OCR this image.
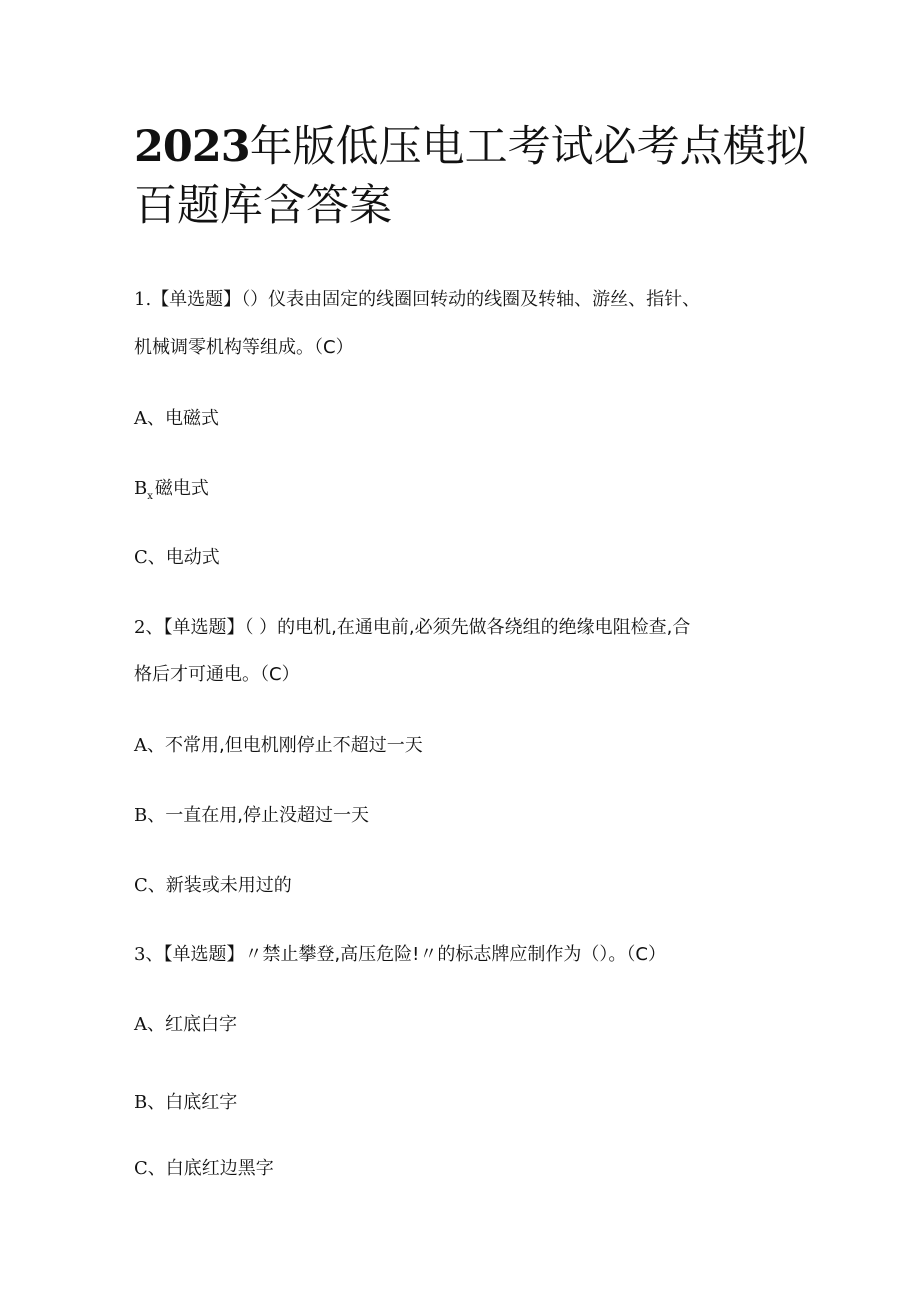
2023年版低压电工考试必考点模拟
百题库含答案

1.【单选题】（）仪表由固定的线圈回转动的线圈及转轴、游丝、指针、

机械调零机构等组成。（C）

A、电磁式

$B_x$ 磁电式

C、电动式

2、【单选题】（ ）的电机,在通电前,必须先做各绕组的绝缘电阻检查,合

格后才可通电。（C）

A、不常用,但电机刚停止不超过一天

B、一直在用,停止没超过一天

C、新装或未用过的

3、【单选题】〃禁止攀登,高压危险!〃的标志牌应制作为（）。（C）

A、红底白字

B、白底红字

C、白底红边黑字
